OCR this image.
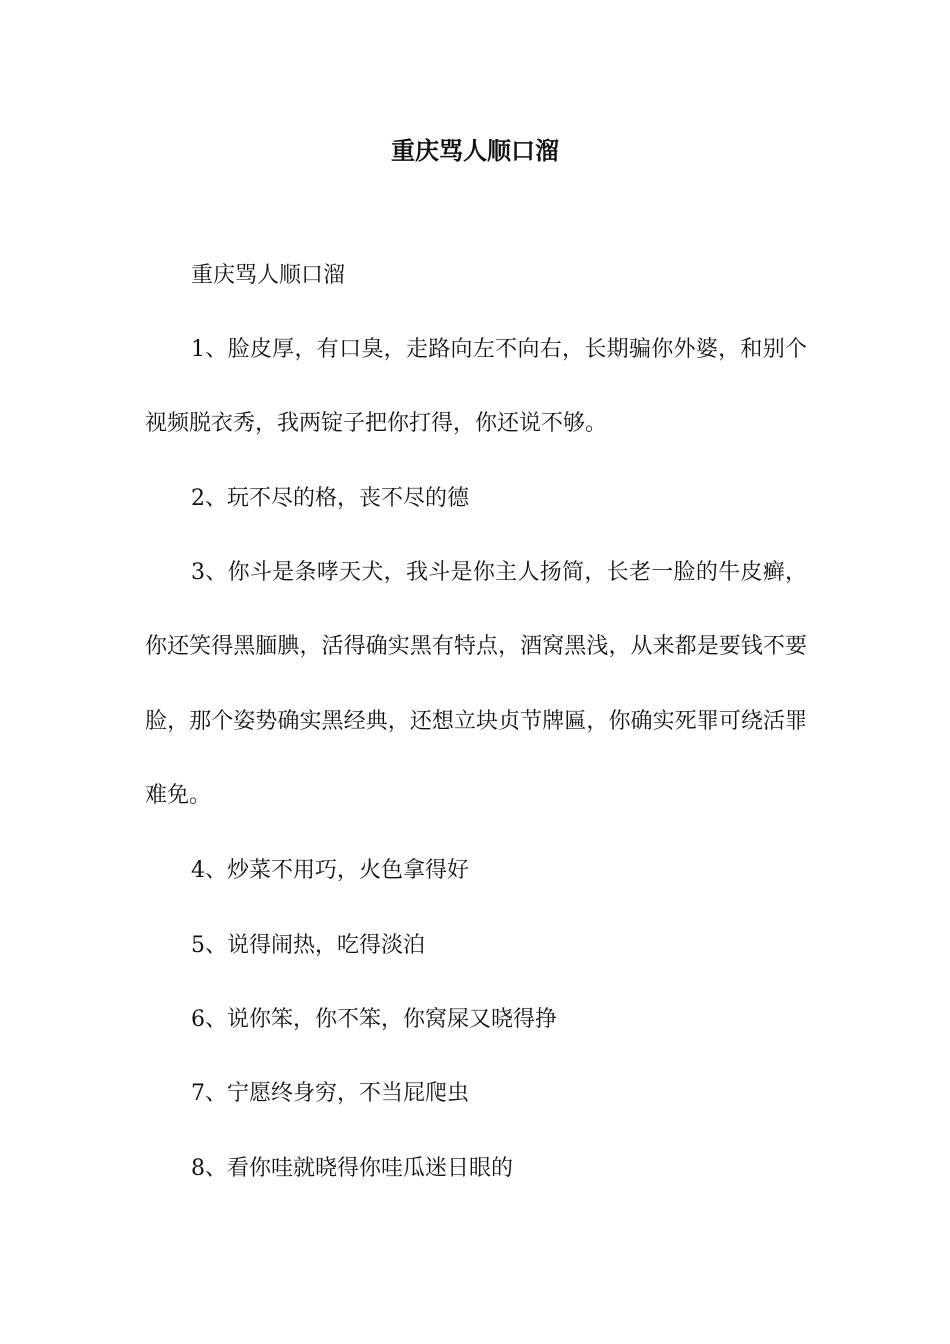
重庆骂人顺口溜

重庆骂人顺口溜

1、脸皮厚，有口臭，走路向左不向右，长期骗你外婆，和别个视频脱衣秀，我两锭子把你打得，你还说不够。

2、玩不尽的格，丧不尽的德

3、你斗是条哮天犬，我斗是你主人扬简，长老一脸的牛皮癣，你还笑得黑腼腆，活得确实黑有特点，酒窝黑浅，从来都是要钱不要脸，那个姿势确实黑经典，还想立块贞节牌匾，你确实死罪可绕活罪难免。

4、炒菜不用巧，火色拿得好

5、说得闹热，吃得淡泊

6、说你笨，你不笨，你窝屎又晓得挣

7、宁愿终身穷，不当屁爬虫

8、看你哇就晓得你哇瓜迷日眼的
